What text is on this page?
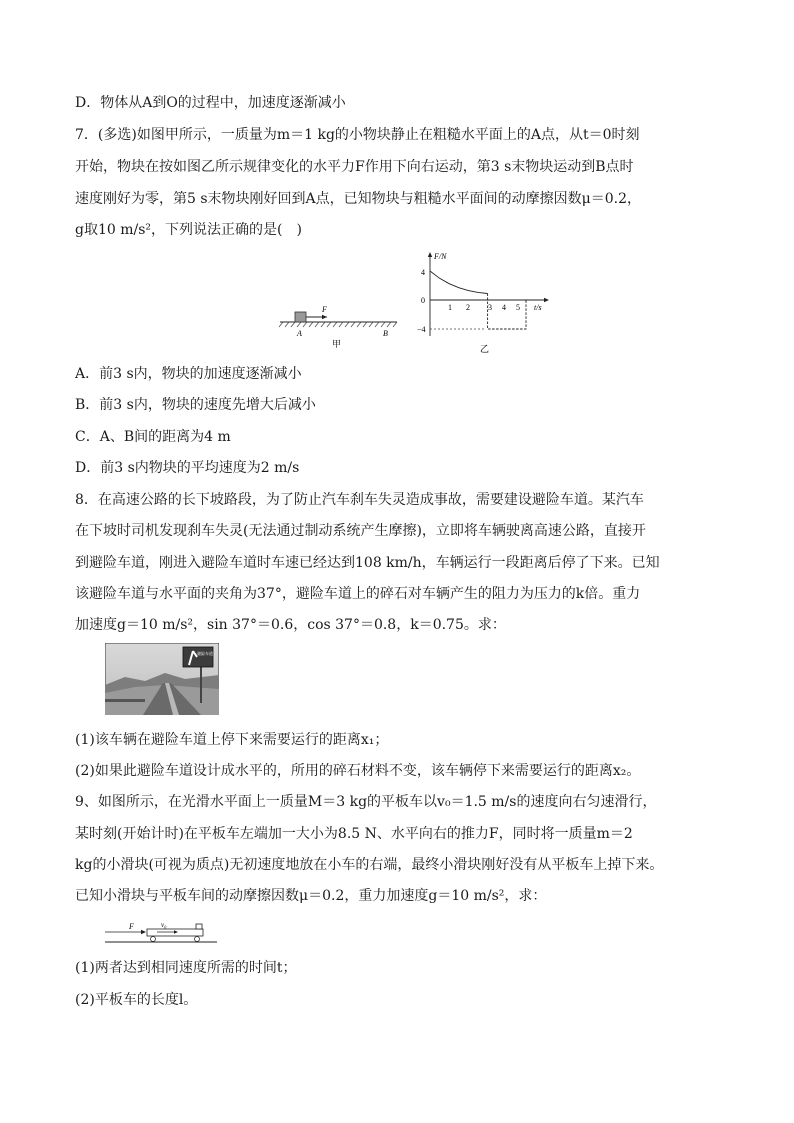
D．物体从A到O的过程中，加速度逐渐减小
7．(多选)如图甲所示，一质量为m＝1 kg的小物块静止在粗糙水平面上的A点，从t＝0时刻
开始，物块在按如图乙所示规律变化的水平力F作用下向右运动，第3 s末物块运动到B点时
速度刚好为零，第5 s末物块刚好回到A点，已知物块与粗糙水平面间的动摩擦因数μ＝0.2，
g取10 m/s²，下列说法正确的是(　)
F
A	B
甲
F/N
t/s
4
0
−4
1 2 3 4 5
乙
A．前3 s内，物块的加速度逐渐减小
B．前3 s内，物块的速度先增大后减小
C．A、B间的距离为4 m
D．前3 s内物块的平均速度为2 m/s
8．在高速公路的长下坡路段，为了防止汽车刹车失灵造成事故，需要建设避险车道。某汽车
在下坡时司机发现刹车失灵(无法通过制动系统产生摩擦)，立即将车辆驶离高速公路，直接开
到避险车道，刚进入避险车道时车速已经达到108 km/h，车辆运行一段距离后停了下来。已知
该避险车道与水平面的夹角为37°，避险车道上的碎石对车辆产生的阻力为压力的k倍。重力
加速度g＝10 m/s²，sin 37°＝0.6，cos 37°＝0.8，k＝0.75。求：
避险车道
(1)该车辆在避险车道上停下来需要运行的距离x₁；
(2)如果此避险车道设计成水平的，所用的碎石材料不变，该车辆停下来需要运行的距离x₂。
9、如图所示，在光滑水平面上一质量M＝3 kg的平板车以v₀＝1.5 m/s的速度向右匀速滑行，
某时刻(开始计时)在平板车左端加一大小为8.5 N、水平向右的推力F，同时将一质量m＝2
kg的小滑块(可视为质点)无初速度地放在小车的右端，最终小滑块刚好没有从平板车上掉下来。
已知小滑块与平板车间的动摩擦因数μ＝0.2，重力加速度g＝10 m/s²，求：
F	v₀
(1)两者达到相同速度所需的时间t；
(2)平板车的长度l。
